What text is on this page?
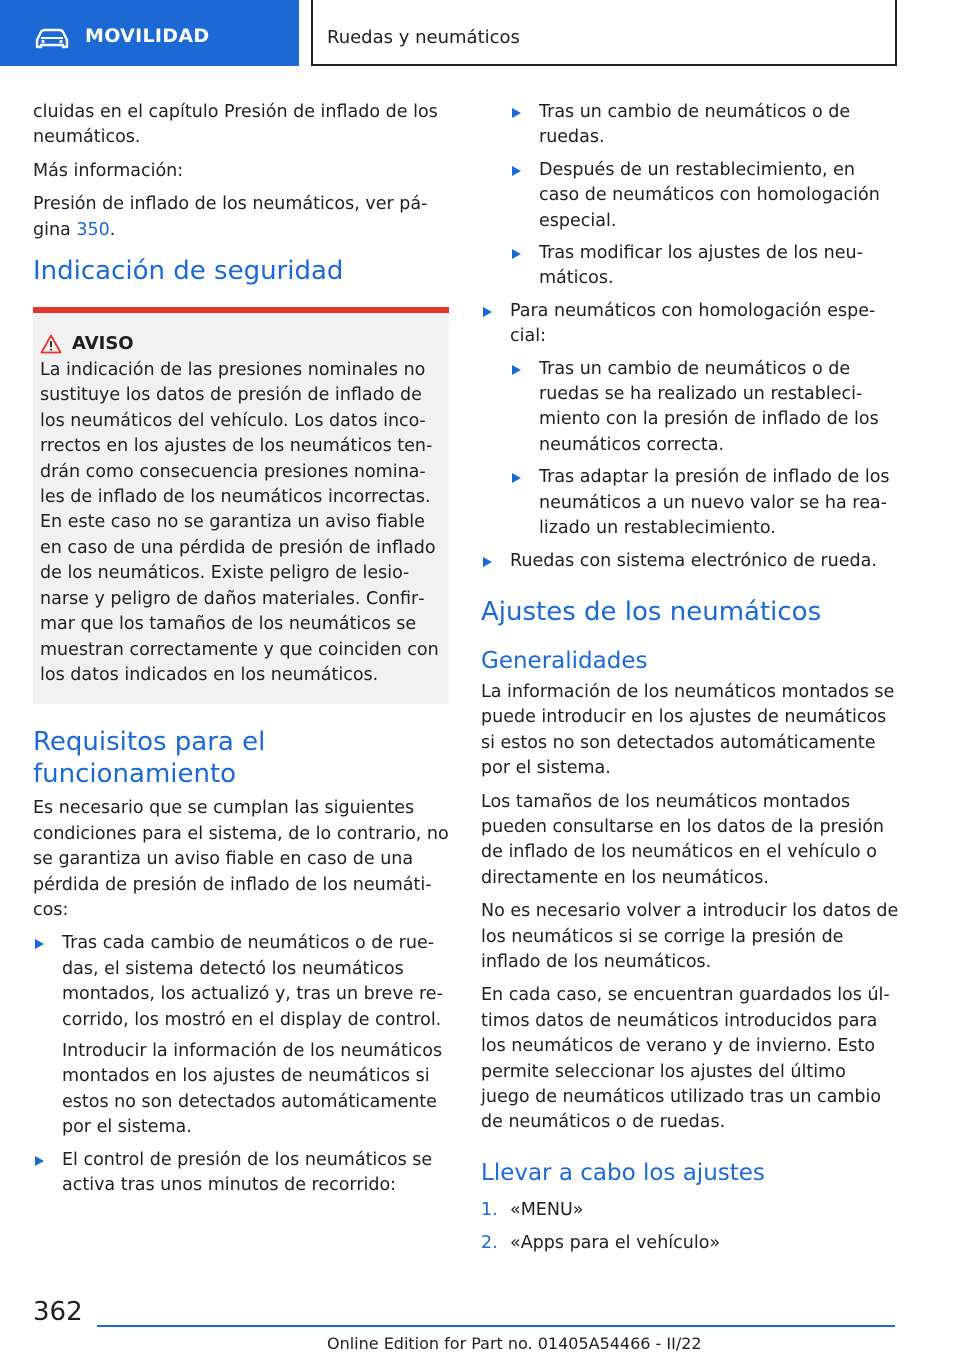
MOVILIDAD	Ruedas y neumáticos

cluidas en el capítulo Presión de inflado de los neumáticos.

Más información:

Presión de inflado de los neumáticos, ver página 350.

Indicación de seguridad
AVISO

La indicación de las presiones nominales no sustituye los datos de presión de inflado de los neumáticos del vehículo. Los datos incorrectos en los ajustes de los neumáticos tendrán como consecuencia presiones nominales de inflado de los neumáticos incorrectas. En este caso no se garantiza un aviso fiable en caso de una pérdida de presión de inflado de los neumáticos. Existe peligro de lesionarse y peligro de daños materiales. Confirmar que los tamaños de los neumáticos se muestran correctamente y que coinciden con los datos indicados en los neumáticos.

Requisitos para el funcionamiento

Es necesario que se cumplan las siguientes condiciones para el sistema, de lo contrario, no se garantiza un aviso fiable en caso de una pérdida de presión de inflado de los neumáticos:

Tras cada cambio de neumáticos o de ruedas, el sistema detectó los neumáticos montados, los actualizó y, tras un breve recorrido, los mostró en el display de control.

Introducir la información de los neumáticos montados en los ajustes de neumáticos si estos no son detectados automáticamente por el sistema.

El control de presión de los neumáticos se activa tras unos minutos de recorrido:
Tras un cambio de neumáticos o de ruedas.
Después de un restablecimiento, en caso de neumáticos con homologación especial.
Tras modificar los ajustes de los neumáticos.
Para neumáticos con homologación especial:
Tras un cambio de neumáticos o de ruedas se ha realizado un restablecimiento con la presión de inflado de los neumáticos correcta.
Tras adaptar la presión de inflado de los neumáticos a un nuevo valor se ha realizado un restablecimiento.
Ruedas con sistema electrónico de rueda.
Ajustes de los neumáticos
Generalidades

La información de los neumáticos montados se puede introducir en los ajustes de neumáticos si estos no son detectados automáticamente por el sistema.

Los tamaños de los neumáticos montados pueden consultarse en los datos de la presión de inflado de los neumáticos en el vehículo o directamente en los neumáticos.

No es necesario volver a introducir los datos de los neumáticos si se corrige la presión de inflado de los neumáticos.

En cada caso, se encuentran guardados los últimos datos de neumáticos introducidos para los neumáticos de verano y de invierno. Esto permite seleccionar los ajustes del último juego de neumáticos utilizado tras un cambio de neumáticos o de ruedas.

Llevar a cabo los ajustes
1. «MENU»
2. «Apps para el vehículo»
362
Online Edition for Part no. 01405A54466 - II/22
